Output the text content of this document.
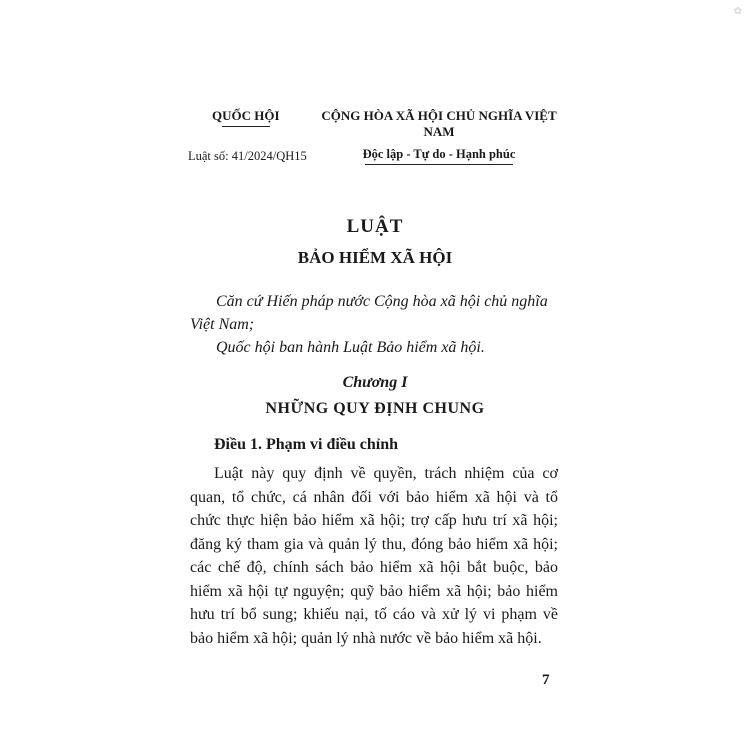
✿
QUỐC HỘI	CỘNG HÒA XÃ HỘI CHỦ NGHĨA VIỆT NAM
Độc lập - Tự do - Hạnh phúc
Luật số: 41/2024/QH15
LUẬT
BẢO HIỂM XÃ HỘI

Căn cứ Hiến pháp nước Cộng hòa xã hội chủ nghĩa Việt Nam;

Quốc hội ban hành Luật Bảo hiểm xã hội.

Chương I
NHỮNG QUY ĐỊNH CHUNG
Điều 1. Phạm vi điều chỉnh

Luật này quy định về quyền, trách nhiệm của cơ quan, tổ chức, cá nhân đối với bảo hiểm xã hội và tổ chức thực hiện bảo hiểm xã hội; trợ cấp hưu trí xã hội; đăng ký tham gia và quản lý thu, đóng bảo hiểm xã hội; các chế độ, chính sách bảo hiểm xã hội bắt buộc, bảo hiểm xã hội tự nguyện; quỹ bảo hiểm xã hội; bảo hiểm hưu trí bổ sung; khiếu nại, tố cáo và xử lý vi phạm về bảo hiểm xã hội; quản lý nhà nước về bảo hiểm xã hội.

7
